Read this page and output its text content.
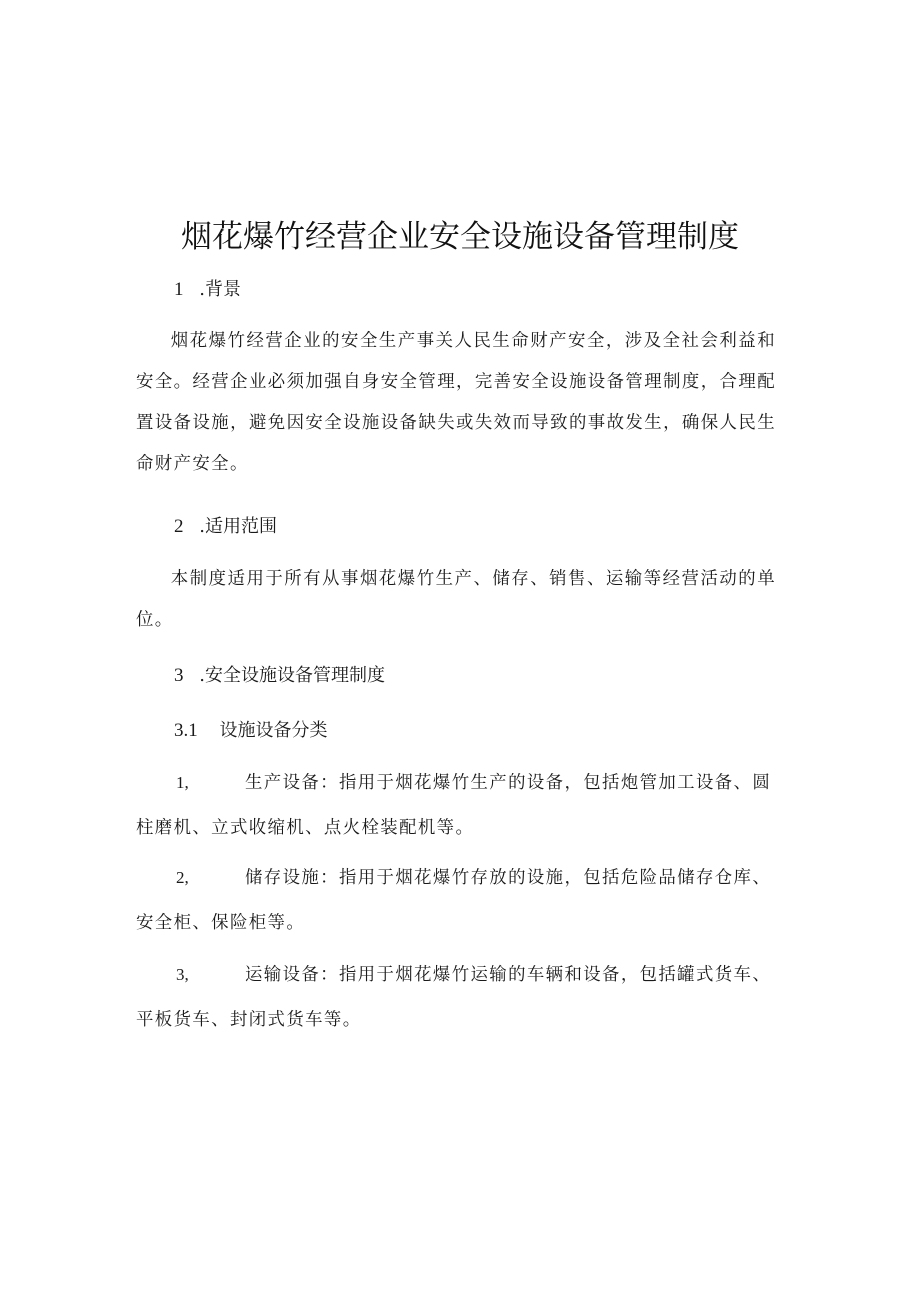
烟花爆竹经营企业安全设施设备管理制度
1 .背景
烟花爆竹经营企业的安全生产事关人民生命财产安全，涉及全社会利益和安全。经营企业必须加强自身安全管理，完善安全设施设备管理制度，合理配置设备设施，避免因安全设施设备缺失或失效而导致的事故发生，确保人民生命财产安全。
2 .适用范围
本制度适用于所有从事烟花爆竹生产、储存、销售、运输等经营活动的单位。
3 .安全设施设备管理制度
3.1 设施设备分类
1,	生产设备：指用于烟花爆竹生产的设备，包括炮管加工设备、圆
柱磨机、立式收缩机、点火栓装配机等。
2,	储存设施：指用于烟花爆竹存放的设施，包括危险品储存仓库、
安全柜、保险柜等。
3,	运输设备：指用于烟花爆竹运输的车辆和设备，包括罐式货车、
平板货车、封闭式货车等。
